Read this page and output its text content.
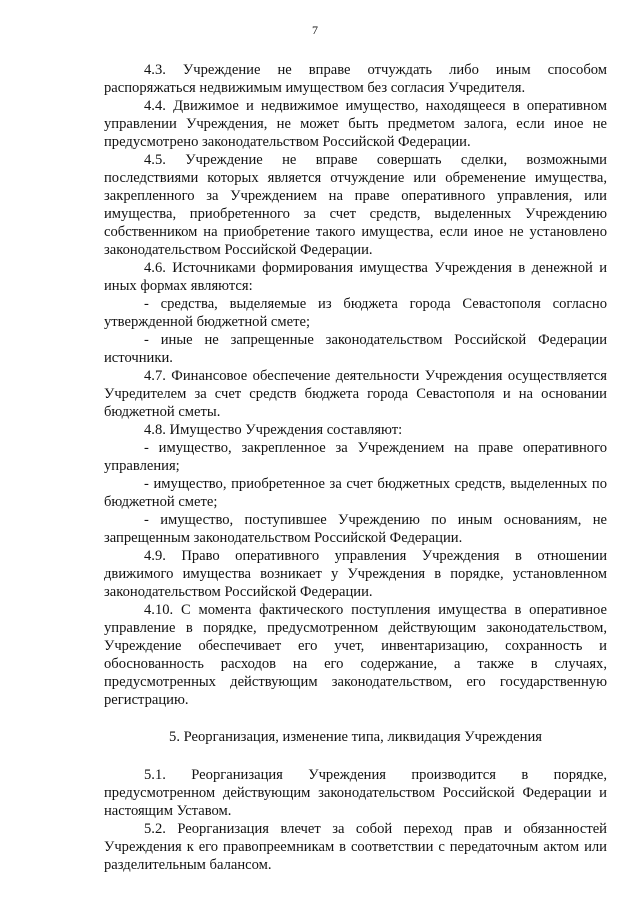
7

4.3. Учреждение не вправе отчуждать либо иным способом распоряжаться недвижимым имуществом без согласия Учредителя.

4.4. Движимое и недвижимое имущество, находящееся в оперативном управлении Учреждения, не может быть предметом залога, если иное не предусмотрено законодательством Российской Федерации.

4.5. Учреждение не вправе совершать сделки, возможными последствиями которых является отчуждение или обременение имущества, закрепленного за Учреждением на праве оперативного управления, или имущества, приобретенного за счет средств, выделенных Учреждению собственником на приобретение такого имущества, если иное не установлено законодательством Российской Федерации.

4.6. Источниками формирования имущества Учреждения в денежной и иных формах являются:

- средства, выделяемые из бюджета города Севастополя согласно утвержденной бюджетной смете;

- иные не запрещенные законодательством Российской Федерации источники.

4.7. Финансовое обеспечение деятельности Учреждения осуществляется Учредителем за счет средств бюджета города Севастополя и на основании бюджетной сметы.

4.8. Имущество Учреждения составляют:

- имущество, закрепленное за Учреждением на праве оперативного управления;

- имущество, приобретенное за счет бюджетных средств, выделенных по бюджетной смете;

- имущество, поступившее Учреждению по иным основаниям, не запрещенным законодательством Российской Федерации.

4.9. Право оперативного управления Учреждения в отношении движимого имущества возникает у Учреждения в порядке, установленном законодательством Российской Федерации.

4.10. С момента фактического поступления имущества в оперативное управление в порядке, предусмотренном действующим законодательством, Учреждение обеспечивает его учет, инвентаризацию, сохранность и обоснованность расходов на его содержание, а также в случаях, предусмотренных действующим законодательством, его государственную регистрацию.

5. Реорганизация, изменение типа, ликвидация Учреждения

5.1. Реорганизация Учреждения производится в порядке, предусмотренном действующим законодательством Российской Федерации и настоящим Уставом.

5.2. Реорганизация влечет за собой переход прав и обязанностей Учреждения к его правопреемникам в соответствии с передаточным актом или разделительным балансом.
